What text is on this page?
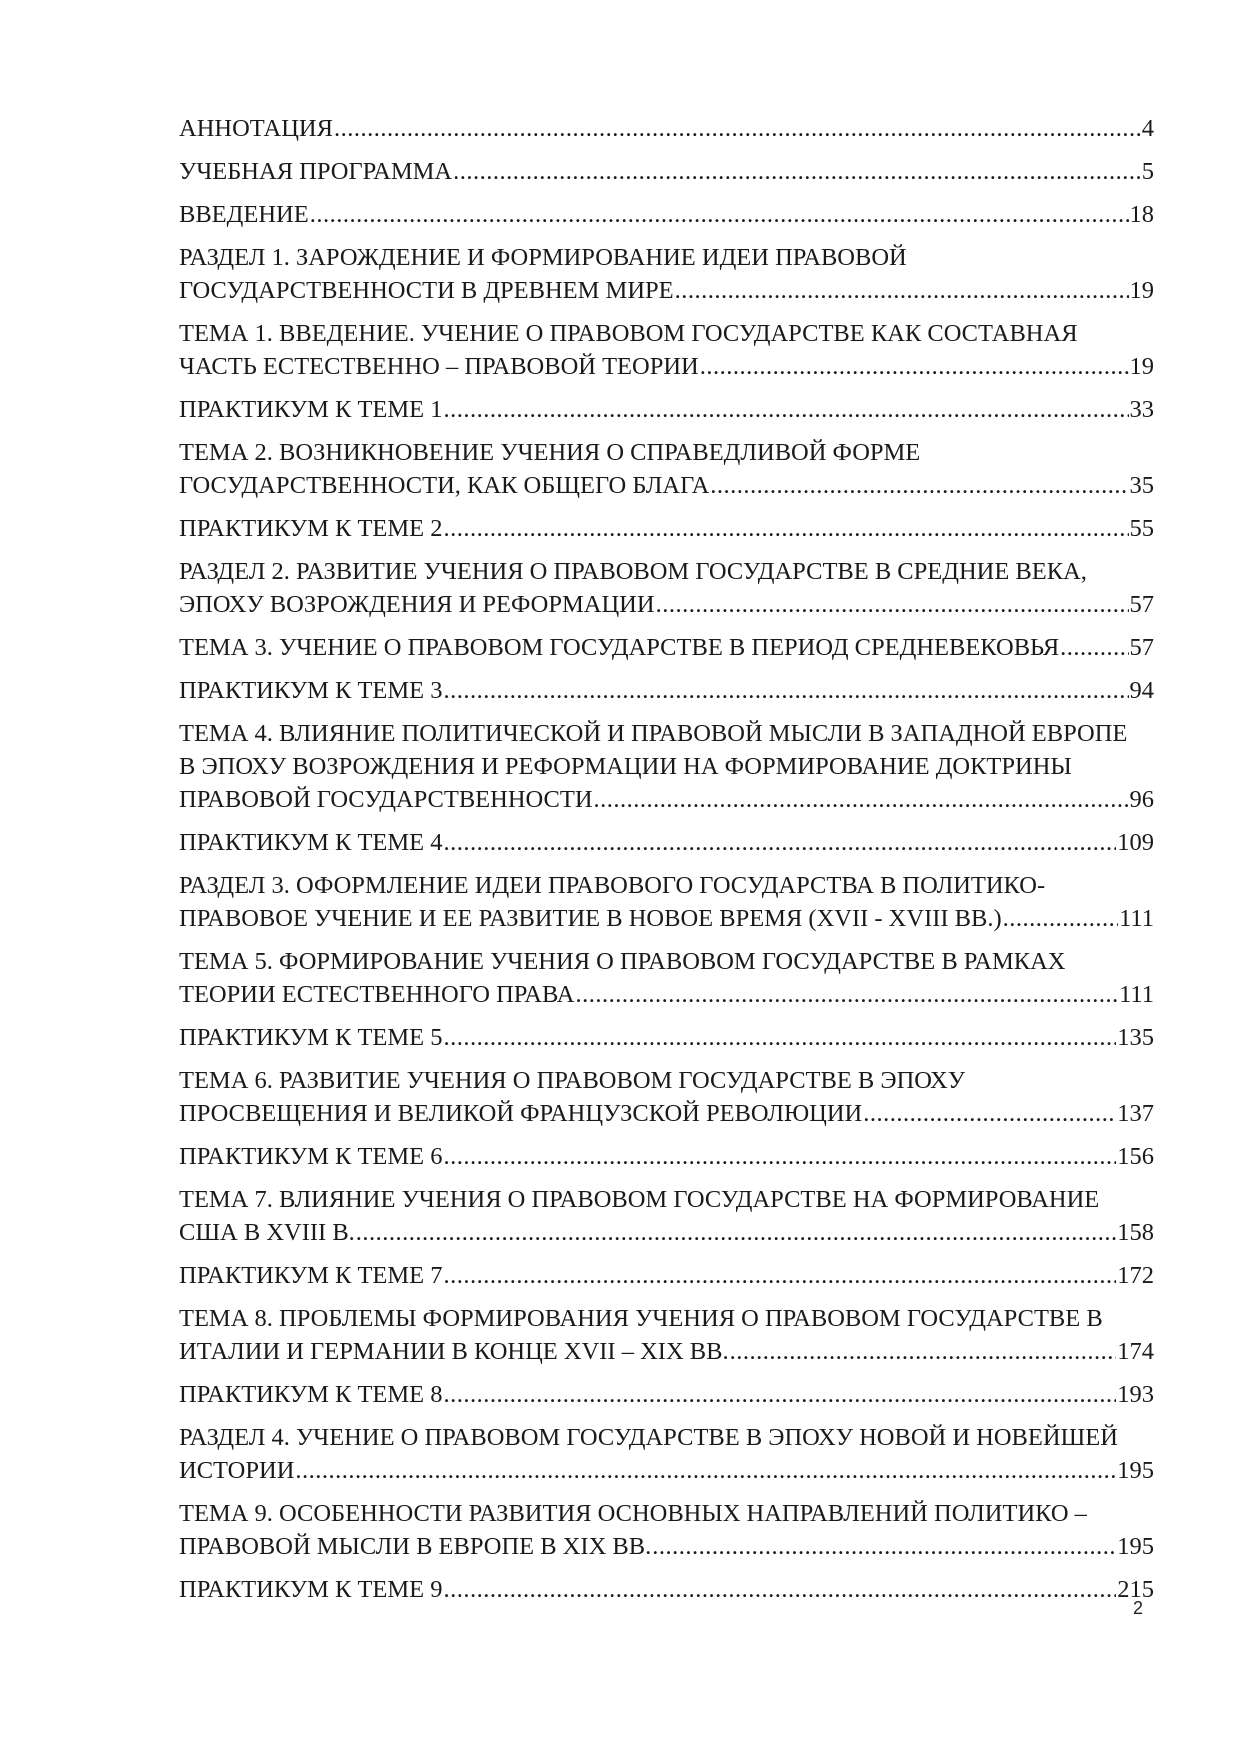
АННОТАЦИЯ .....	4
УЧЕБНАЯ ПРОГРАММА .....	5
ВВЕДЕНИЕ .....	18
РАЗДЕЛ 1. ЗАРОЖДЕНИЕ И ФОРМИРОВАНИЕ ИДЕИ ПРАВОВОЙ
ГОСУДАРСТВЕННОСТИ В ДРЕВНЕМ МИРЕ .....	19
ТЕМА 1. ВВЕДЕНИЕ. УЧЕНИЕ О ПРАВОВОМ ГОСУДАРСТВЕ КАК СОСТАВНАЯ
ЧАСТЬ ЕСТЕСТВЕННО – ПРАВОВОЙ ТЕОРИИ .....	19
ПРАКТИКУМ К ТЕМЕ 1 .....	33
ТЕМА 2. ВОЗНИКНОВЕНИЕ УЧЕНИЯ О СПРАВЕДЛИВОЙ ФОРМЕ
ГОСУДАРСТВЕННОСТИ, КАК ОБЩЕГО БЛАГА .....	35
ПРАКТИКУМ К ТЕМЕ 2 .....	55
РАЗДЕЛ 2. РАЗВИТИЕ УЧЕНИЯ О ПРАВОВОМ ГОСУДАРСТВЕ В СРЕДНИЕ ВЕКА,
ЭПОХУ ВОЗРОЖДЕНИЯ И РЕФОРМАЦИИ .....	57
ТЕМА 3. УЧЕНИЕ О ПРАВОВОМ ГОСУДАРСТВЕ В ПЕРИОД СРЕДНЕВЕКОВЬЯ .....	57
ПРАКТИКУМ К ТЕМЕ 3 .....	94
ТЕМА 4. ВЛИЯНИЕ ПОЛИТИЧЕСКОЙ И ПРАВОВОЙ МЫСЛИ В ЗАПАДНОЙ ЕВРОПЕ
В ЭПОХУ ВОЗРОЖДЕНИЯ И РЕФОРМАЦИИ НА ФОРМИРОВАНИЕ ДОКТРИНЫ
ПРАВОВОЙ ГОСУДАРСТВЕННОСТИ .....	96
ПРАКТИКУМ К ТЕМЕ 4 .....	109
РАЗДЕЛ 3. ОФОРМЛЕНИЕ ИДЕИ ПРАВОВОГО ГОСУДАРСТВА В ПОЛИТИКО-
ПРАВОВОЕ УЧЕНИЕ И ЕЕ РАЗВИТИЕ В НОВОЕ ВРЕМЯ (XVII - XVIII ВВ.) .....	111
ТЕМА 5. ФОРМИРОВАНИЕ УЧЕНИЯ О ПРАВОВОМ ГОСУДАРСТВЕ В РАМКАХ
ТЕОРИИ ЕСТЕСТВЕННОГО ПРАВА .....	111
ПРАКТИКУМ К ТЕМЕ 5 .....	135
ТЕМА 6. РАЗВИТИЕ УЧЕНИЯ О ПРАВОВОМ ГОСУДАРСТВЕ В ЭПОХУ
ПРОСВЕЩЕНИЯ И ВЕЛИКОЙ ФРАНЦУЗСКОЙ РЕВОЛЮЦИИ .....	137
ПРАКТИКУМ К ТЕМЕ 6 .....	156
ТЕМА 7. ВЛИЯНИЕ УЧЕНИЯ О ПРАВОВОМ ГОСУДАРСТВЕ НА ФОРМИРОВАНИЕ
США В XVIII В. .....	158
ПРАКТИКУМ К ТЕМЕ 7 .....	172
ТЕМА 8. ПРОБЛЕМЫ ФОРМИРОВАНИЯ УЧЕНИЯ О ПРАВОВОМ ГОСУДАРСТВЕ В
ИТАЛИИ И ГЕРМАНИИ В КОНЦЕ XVII – XIX ВВ. .....	174
ПРАКТИКУМ К ТЕМЕ 8 .....	193
РАЗДЕЛ 4. УЧЕНИЕ О ПРАВОВОМ ГОСУДАРСТВЕ В ЭПОХУ НОВОЙ И НОВЕЙШЕЙ
ИСТОРИИ .....	195
ТЕМА 9. ОСОБЕННОСТИ РАЗВИТИЯ ОСНОВНЫХ НАПРАВЛЕНИЙ ПОЛИТИКО –
ПРАВОВОЙ МЫСЛИ В ЕВРОПЕ В XIX ВВ. .....	195
ПРАКТИКУМ К ТЕМЕ 9 .....	215
2
